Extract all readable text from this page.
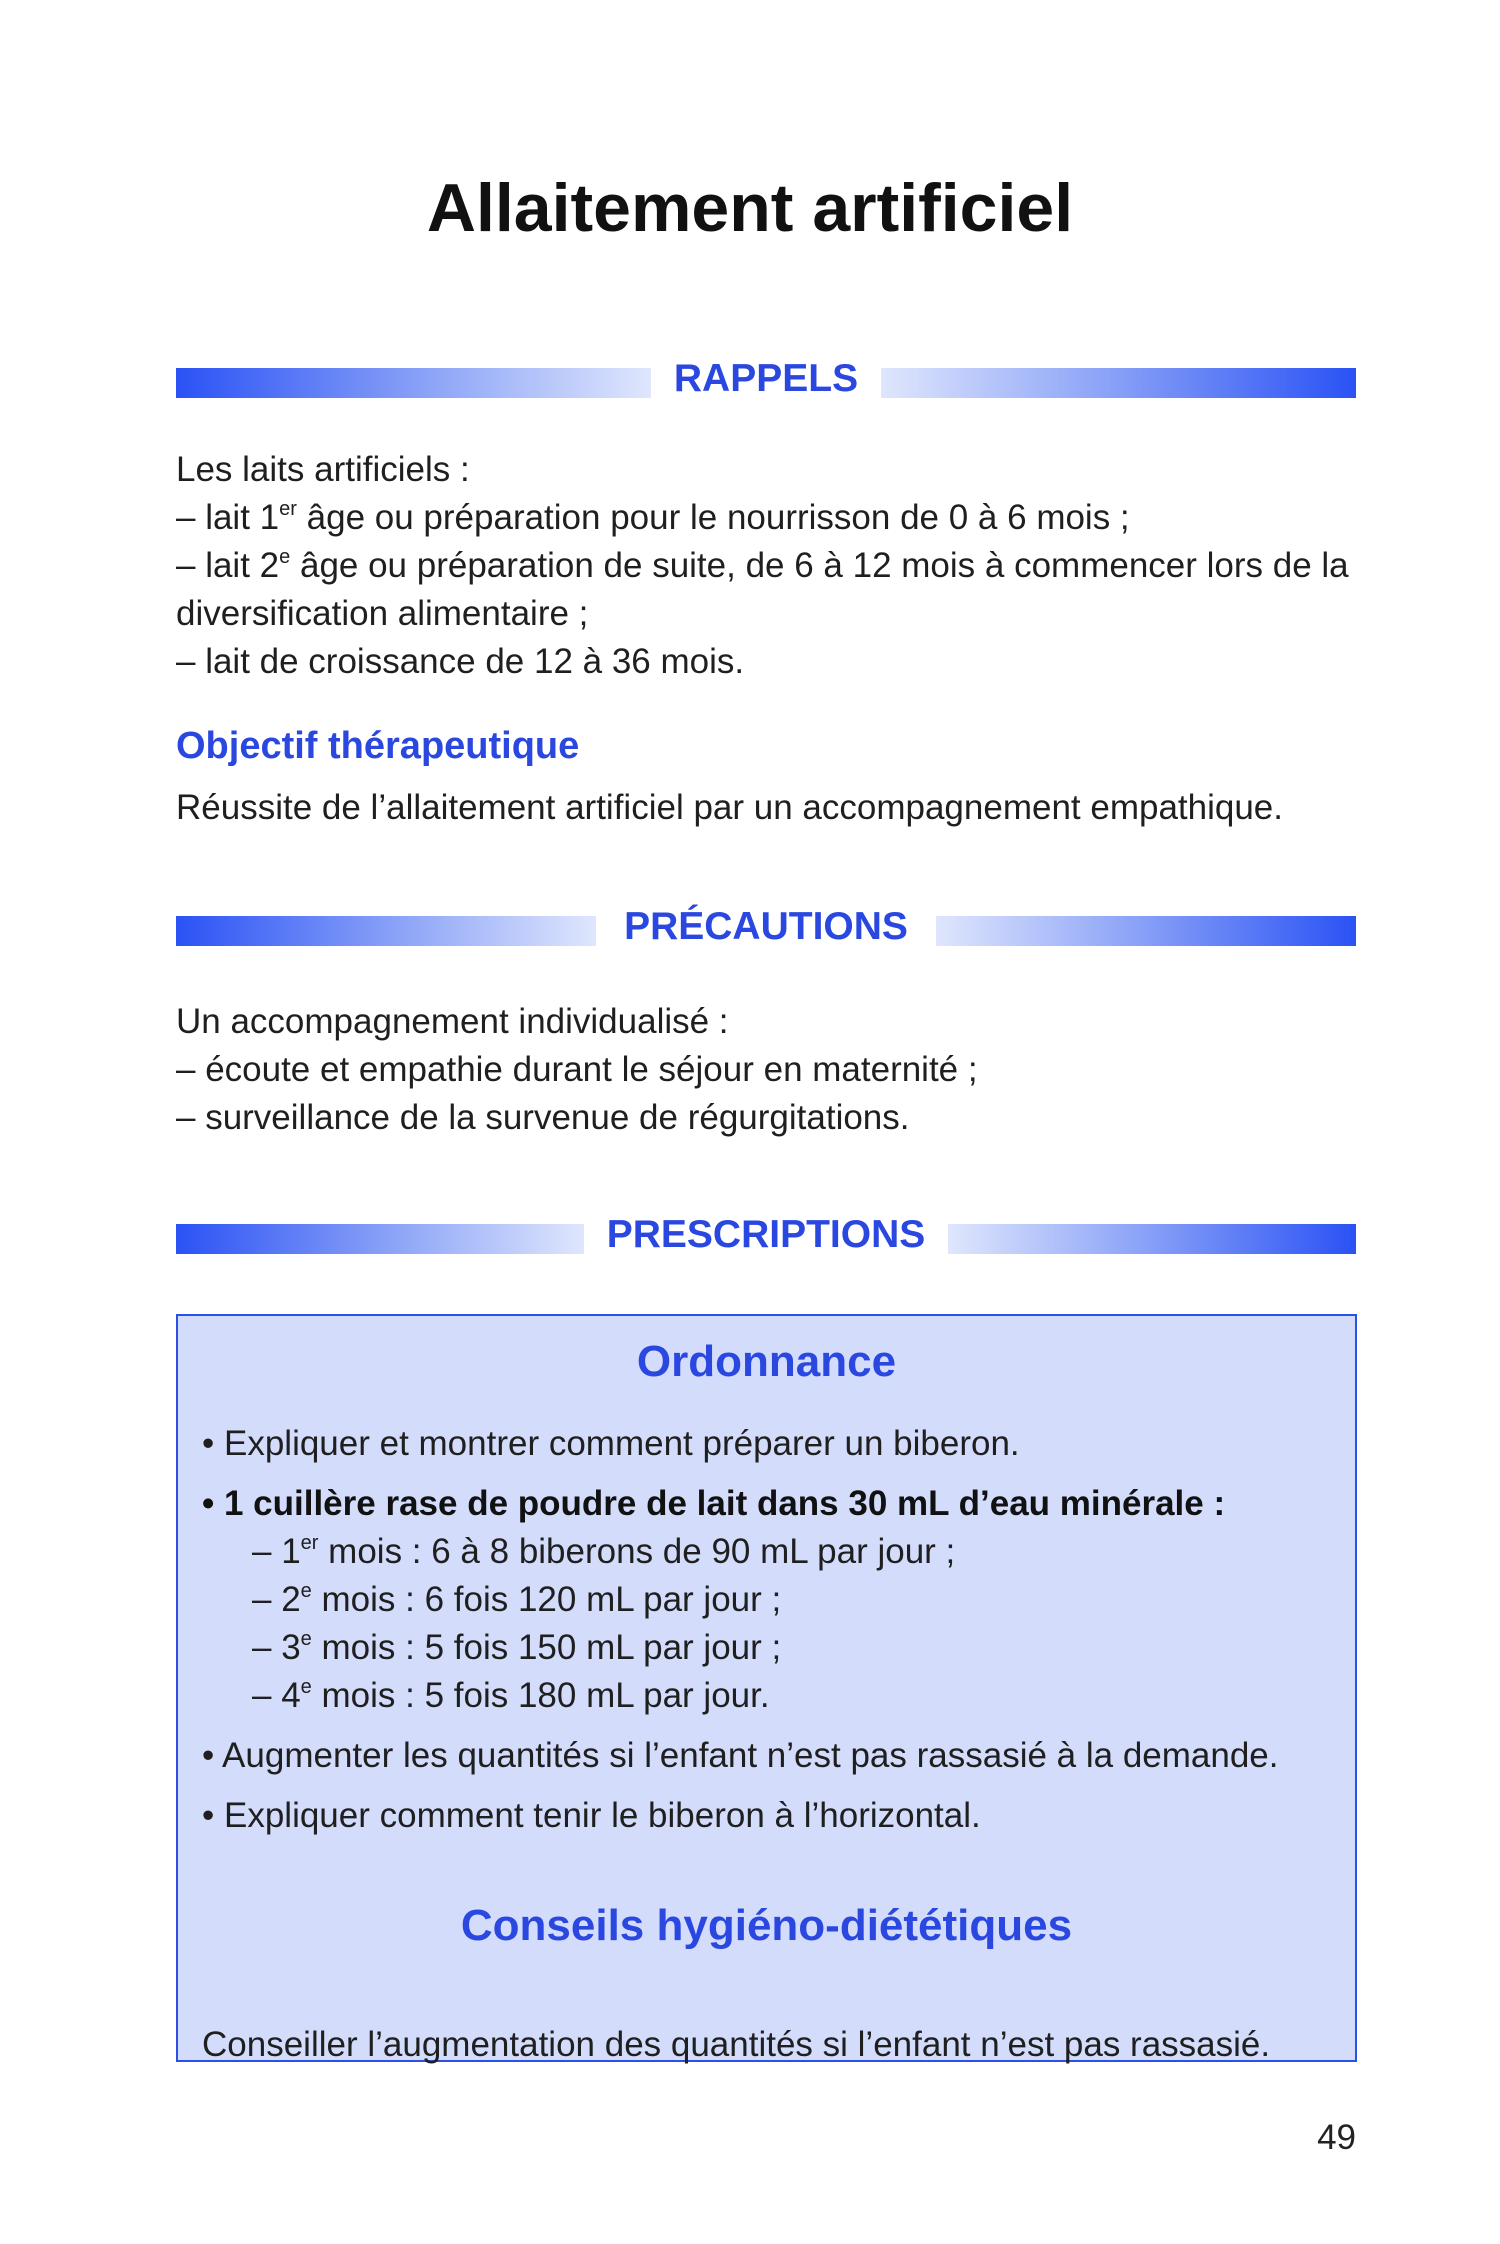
Allaitement artificiel
RAPPELS

Les laits artificiels :

– lait 1er âge ou préparation pour le nourrisson de 0 à 6 mois ;

– lait 2e âge ou préparation de suite, de 6 à 12 mois à commencer lors de la diversification alimentaire ;

– lait de croissance de 12 à 36 mois.

Objectif thérapeutique

Réussite de l’allaitement artificiel par un accompagnement empathique.

PRÉCAUTIONS

Un accompagnement individualisé :

– écoute et empathie durant le séjour en maternité ;

– surveillance de la survenue de régurgitations.

PRESCRIPTIONS
Ordonnance

• Expliquer et montrer comment préparer un biberon.

• 1 cuillère rase de poudre de lait dans 30 mL d’eau minérale :

– 1er mois : 6 à 8 biberons de 90 mL par jour ;

– 2e mois : 6 fois 120 mL par jour ;

– 3e mois : 5 fois 150 mL par jour ;

– 4e mois : 5 fois 180 mL par jour.

• Augmenter les quantités si l’enfant n’est pas rassasié à la demande.

• Expliquer comment tenir le biberon à l’horizontal.

Conseils hygiéno-diététiques

Conseiller l’augmentation des quantités si l’enfant n’est pas rassasié.

49
